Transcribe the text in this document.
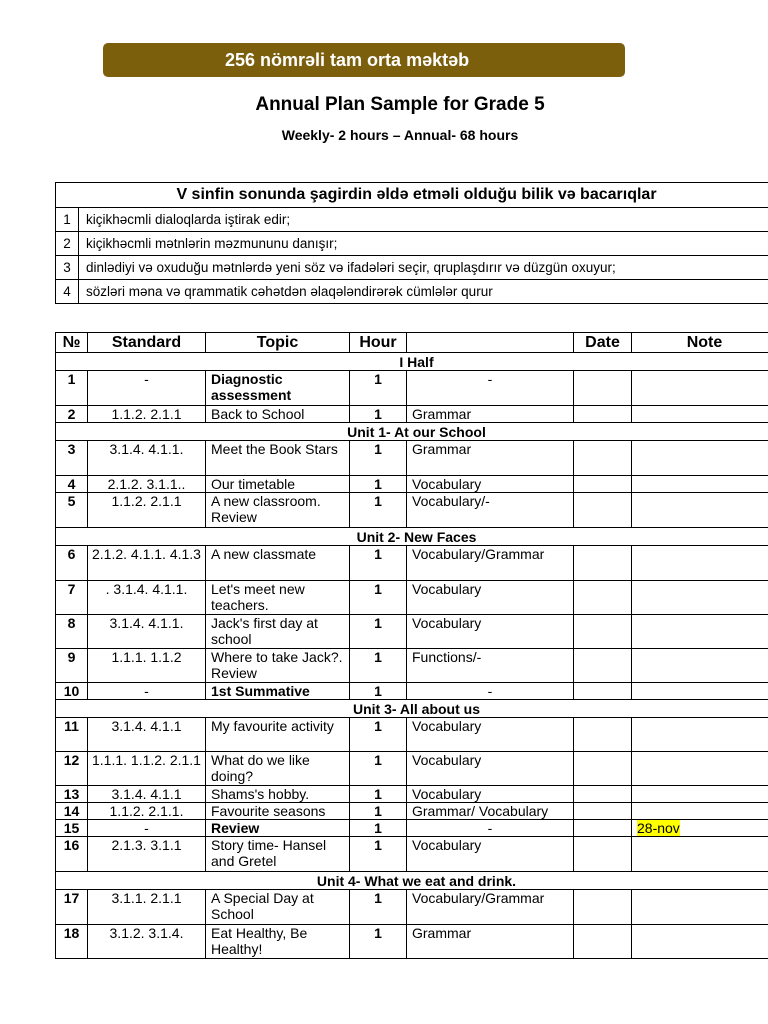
256 nömrəli tam orta məktəb
Annual Plan Sample for Grade 5
Weekly- 2 hours – Annual- 68 hours
V sinfin sonunda şagirdin əldə etməli olduğu bilik və bacarıqlar	
1	kiçikhəcmli dialoqlarda iştirak edir;
2	kiçikhəcmli mətnlərin məzmununu danışır;
3	dinlədiyi və oxuduğu mətnlərdə yeni söz və ifadələri seçir, qruplaşdırır və düzgün oxuyur;
4	sözləri məna və qrammatik cəhətdən əlaqələndirərək cümlələr qurur
№	Standard	Topic	Hour		Date	Note
I Half						
1	-	Diagnostic assessment	1	-		
2	1.1.2. 2.1.1	Back to School	1	Grammar		
Unit 1- At our School						
3	3.1.4. 4.1.1.	Meet the Book Stars	1	Grammar		
4	2.1.2. 3.1.1..	Our timetable	1	Vocabulary		
5	1.1.2. 2.1.1	A new classroom. Review	1	Vocabulary/-		
Unit 2- New Faces						
6	2.1.2. 4.1.1. 4.1.3	A new classmate	1	Vocabulary/Grammar		
7	. 3.1.4. 4.1.1.	Let's meet new teachers.	1	Vocabulary		
8	3.1.4. 4.1.1.	Jack's first day at school	1	Vocabulary		
9	1.1.1. 1.1.2	Where to take Jack?. Review	1	Functions/-		
10	-	1st Summative	1	-		
Unit 3- All about us						
11	3.1.4. 4.1.1	My favourite activity	1	Vocabulary		
12	1.1.1. 1.1.2. 2.1.1	What do we like doing?	1	Vocabulary		
13	3.1.4. 4.1.1	Shams's hobby.	1	Vocabulary		
14	1.1.2. 2.1.1.	Favourite seasons	1	Grammar/ Vocabulary		
15	-	Review	1	-		28-nov
16	2.1.3. 3.1.1	Story time- Hansel and Gretel	1	Vocabulary		
Unit 4- What we eat and drink.						
17	3.1.1. 2.1.1	A Special Day at School	1	Vocabulary/Grammar		
18	3.1.2. 3.1.4.	Eat Healthy, Be Healthy!	1	Grammar		
